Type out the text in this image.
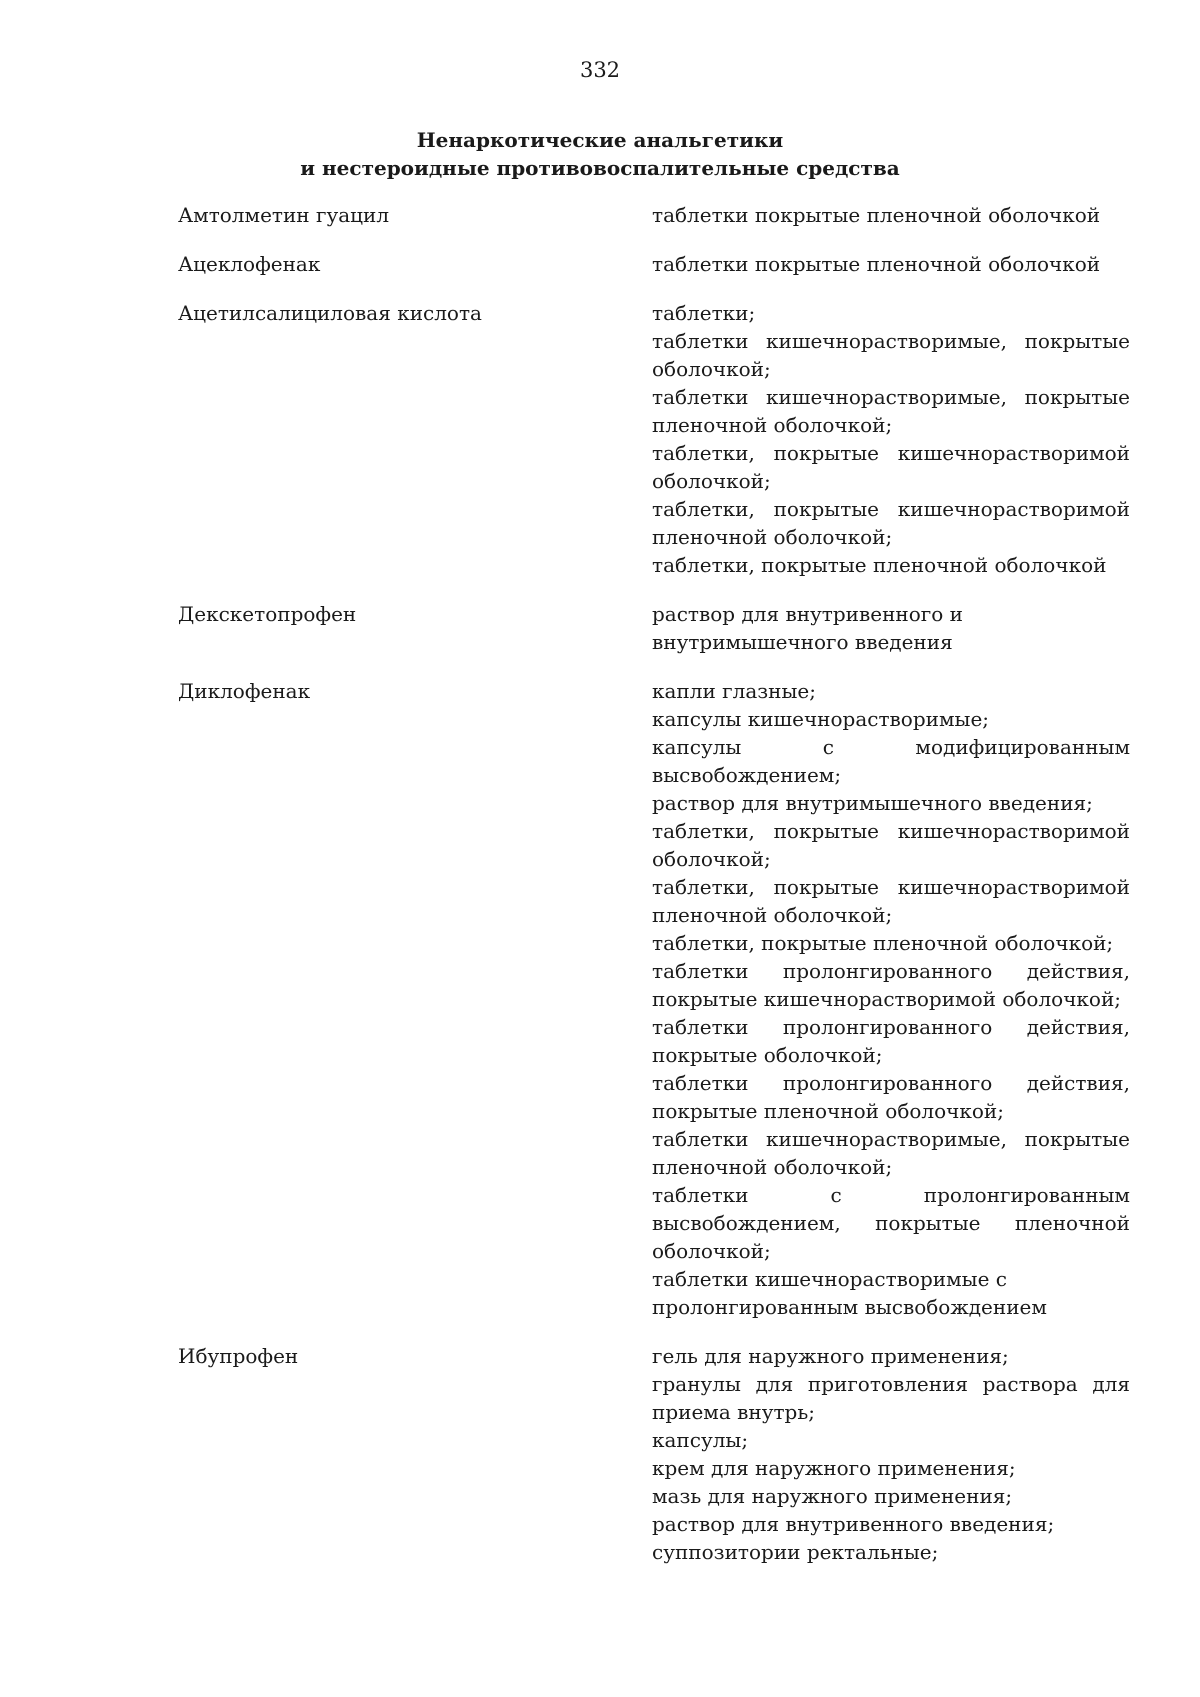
332
Ненаркотические анальгетики
и нестероидные противовоспалительные средства
Амтолметин гуацил	таблетки покрытые пленочной оболочкой
Ацеклофенак	таблетки покрытые пленочной оболочкой
Ацетилсалициловая кислота	таблетки;
таблетки кишечнорастворимые, покрытые оболочкой;
таблетки кишечнорастворимые, покрытые пленочной оболочкой;
таблетки, покрытые кишечнорастворимой оболочкой;
таблетки, покрытые кишечнорастворимой пленочной оболочкой;
таблетки, покрытые пленочной оболочкой
Декскетопрофен	раствор для внутривенного и внутримышечного введения
Диклофенак	капли глазные;
капсулы кишечнорастворимые;
капсулы с модифицированным высвобождением;
раствор для внутримышечного введения;
таблетки, покрытые кишечнорастворимой оболочкой;
таблетки, покрытые кишечнорастворимой пленочной оболочкой;
таблетки, покрытые пленочной оболочкой;
таблетки пролонгированного действия, покрытые кишечнорастворимой оболочкой;
таблетки пролонгированного действия, покрытые оболочкой;
таблетки пролонгированного действия, покрытые пленочной оболочкой;
таблетки кишечнорастворимые, покрытые пленочной оболочкой;
таблетки с пролонгированным высвобождением, покрытые пленочной оболочкой;
таблетки кишечнорастворимые с пролонгированным высвобождением
Ибупрофен	гель для наружного применения;
гранулы для приготовления раствора для приема внутрь;
капсулы;
крем для наружного применения;
мазь для наружного применения;
раствор для внутривенного введения;
суппозитории ректальные;
